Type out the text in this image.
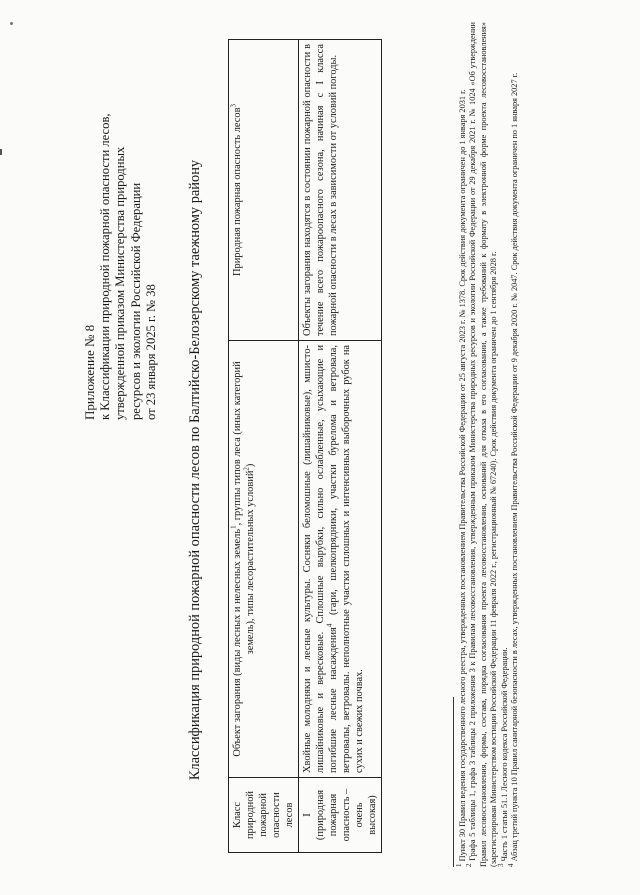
Приложение № 8 к Классификации природной пожарной опасности лесов, утвержденной приказом Министерства природных ресурсов и экологии Российской Федерации от 23 января 2025 г. № 38 Классификация природной пожарной опасности лесов по Балтийско-Белозерскому таежному району
Класс природной пожарной опасности лесов	Объект загорания (виды лесных и нелесных земель$^1$, группы типов леса (иных категорий земель), типы лесорастительных условий$^2$)	Природная пожарная опасность лесов$^3$

I (природная пожарная опасность – очень высокая)	Хвойные молодняки и лесные культуры. Сосняки беломошные (лишайниковые), мшисто-лишайниковые и вересковые. Сплошные вырубки, сильно ослабленные, усыхающие и погибшие лесные насаждения$^4$ (гари, шелкопрядники, участки бурелома и ветровала, ветровалы, ветровалы. неполнотные участки сплошных и интенсивных выборочных рубок на сухих и свежих почвах.	Объекты загорания находятся в состоянии пожарной опасности в течение всего пожароопасного сезона, начиная с I класса пожарной опасности в лесах в зависимости от условий погоды.

$^1$ Пункт 30 Правил ведения государственного лесного реестра, утвержденных постановлением Правительства Российской Федерации от 25 августа 2023 г. № 1378. Срок действия документа ограничен до 1 января 2031 г.

$^2$ Графа 5 таблицы 1, графа 3 таблицы 2 приложения 3 к Правилам лесовосстановления, утвержденным приказом Министерства природных ресурсов и экологии Российской Федерации от 29 декабря 2021 г. № 1024 «Об утверждении Правил лесовосстановления, формы, состава, порядка согласования проекта лесовосстановления, оснований для отказа в его согласовании, а также требований к формату в электронной форме проекта лесовосстановления» (зарегистрирован Министерством юстиции Российской Федерации 11 февраля 2022 г., регистрационный № 67240). Срок действия документа ограничен до 1 сентября 2028 г.

$^3$ Часть 1 статьи 51.1 Лесного кодекса Российской Федерации.

$^4$ Абзац третий пункта 10 Правил санитарной безопасности в лесах, утвержденных постановлением Правительства Российской Федерации от 9 декабря 2020 г. № 2047. Срок действия документа ограничен по 1 января 2027 г.
